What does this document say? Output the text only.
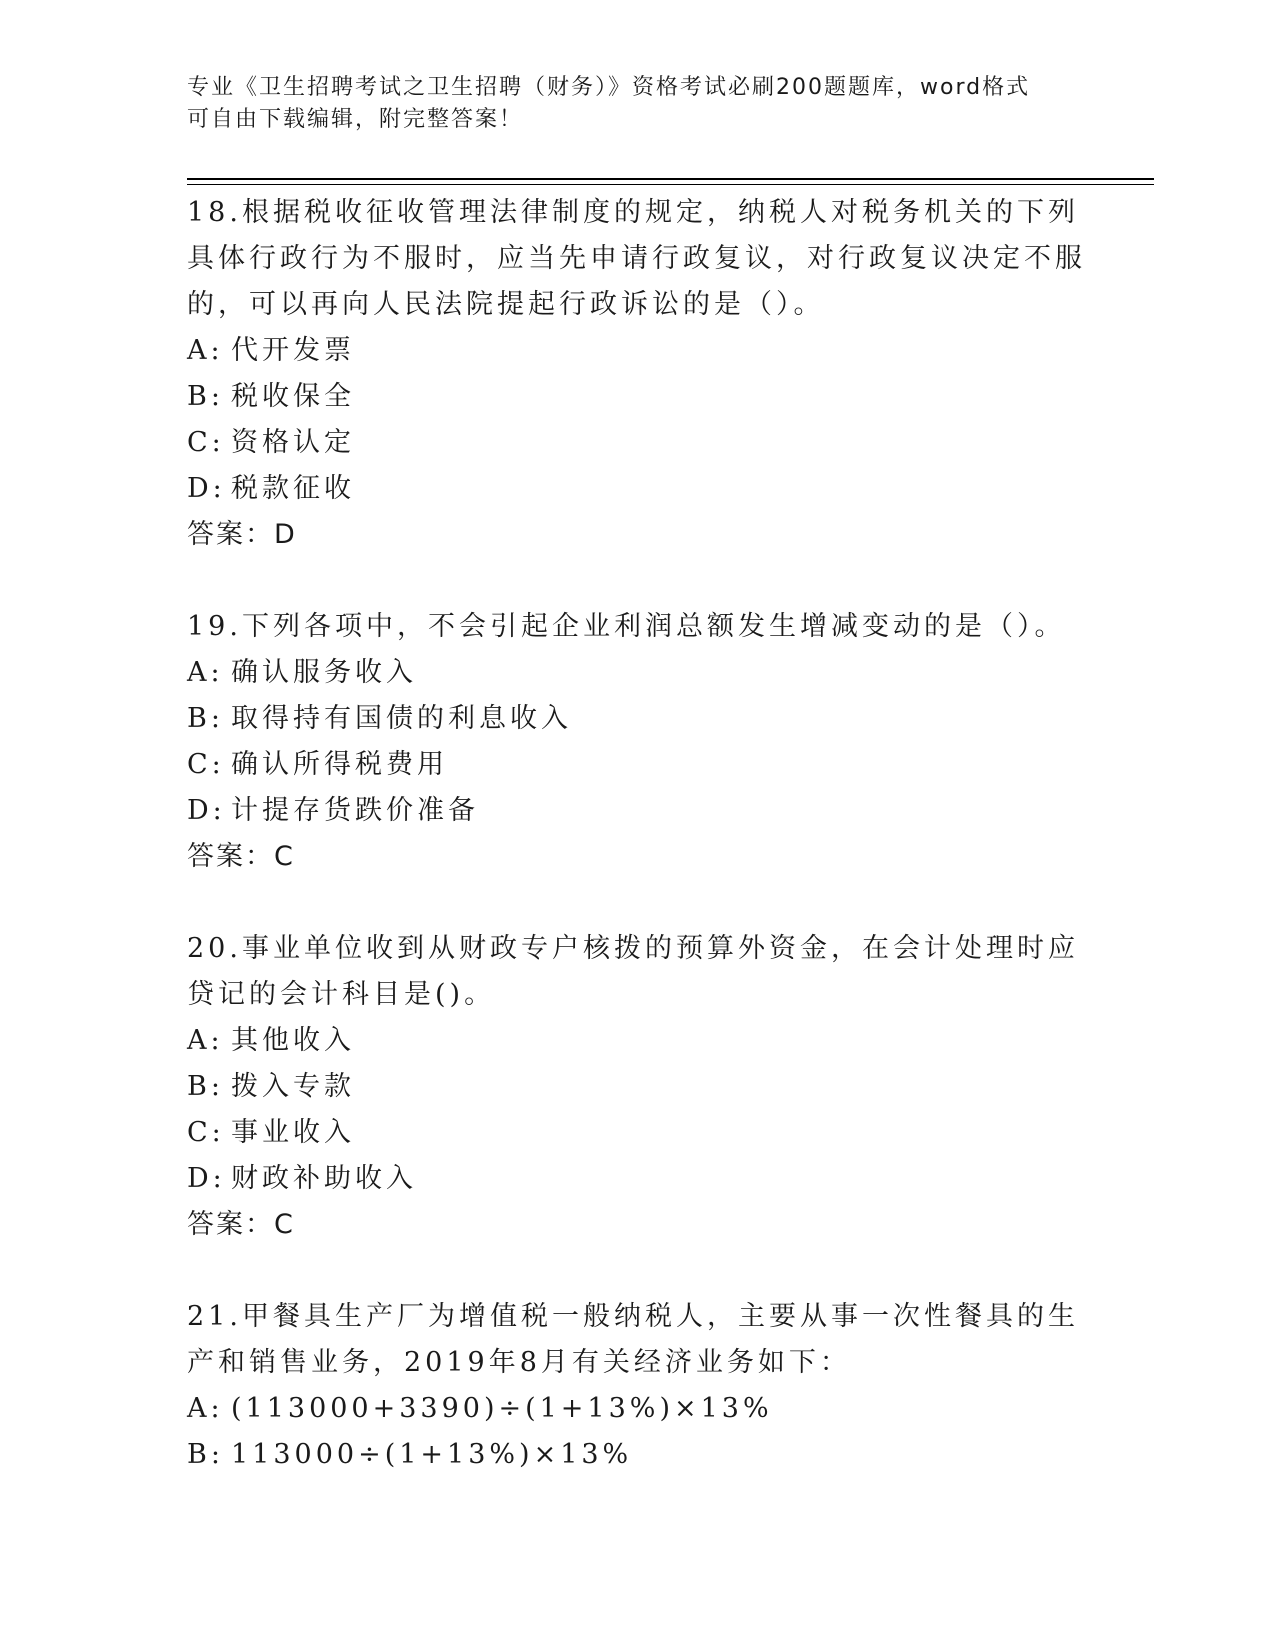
专业《卫生招聘考试之卫生招聘（财务）》资格考试必刷200题题库，word格式
可自由下载编辑，附完整答案！

18.根据税收征收管理法律制度的规定，纳税人对税务机关的下列具体行政行为不服时，应当先申请行政复议，对行政复议决定不服的，可以再向人民法院提起行政诉讼的是（）。

A: 代开发票

B: 税收保全

C: 资格认定

D: 税款征收

答案：D

19.下列各项中，不会引起企业利润总额发生增减变动的是（）。

A: 确认服务收入

B: 取得持有国债的利息收入

C: 确认所得税费用

D: 计提存货跌价准备

答案：C

20.事业单位收到从财政专户核拨的预算外资金，在会计处理时应贷记的会计科目是()。

A: 其他收入

B: 拨入专款

C: 事业收入

D: 财政补助收入

答案：C

21.甲餐具生产厂为增值税一般纳税人，主要从事一次性餐具的生产和销售业务，2019年8月有关经济业务如下：

A: (113000+3390)÷(1+13%)×13%

B: 113000÷(1+13%)×13%
